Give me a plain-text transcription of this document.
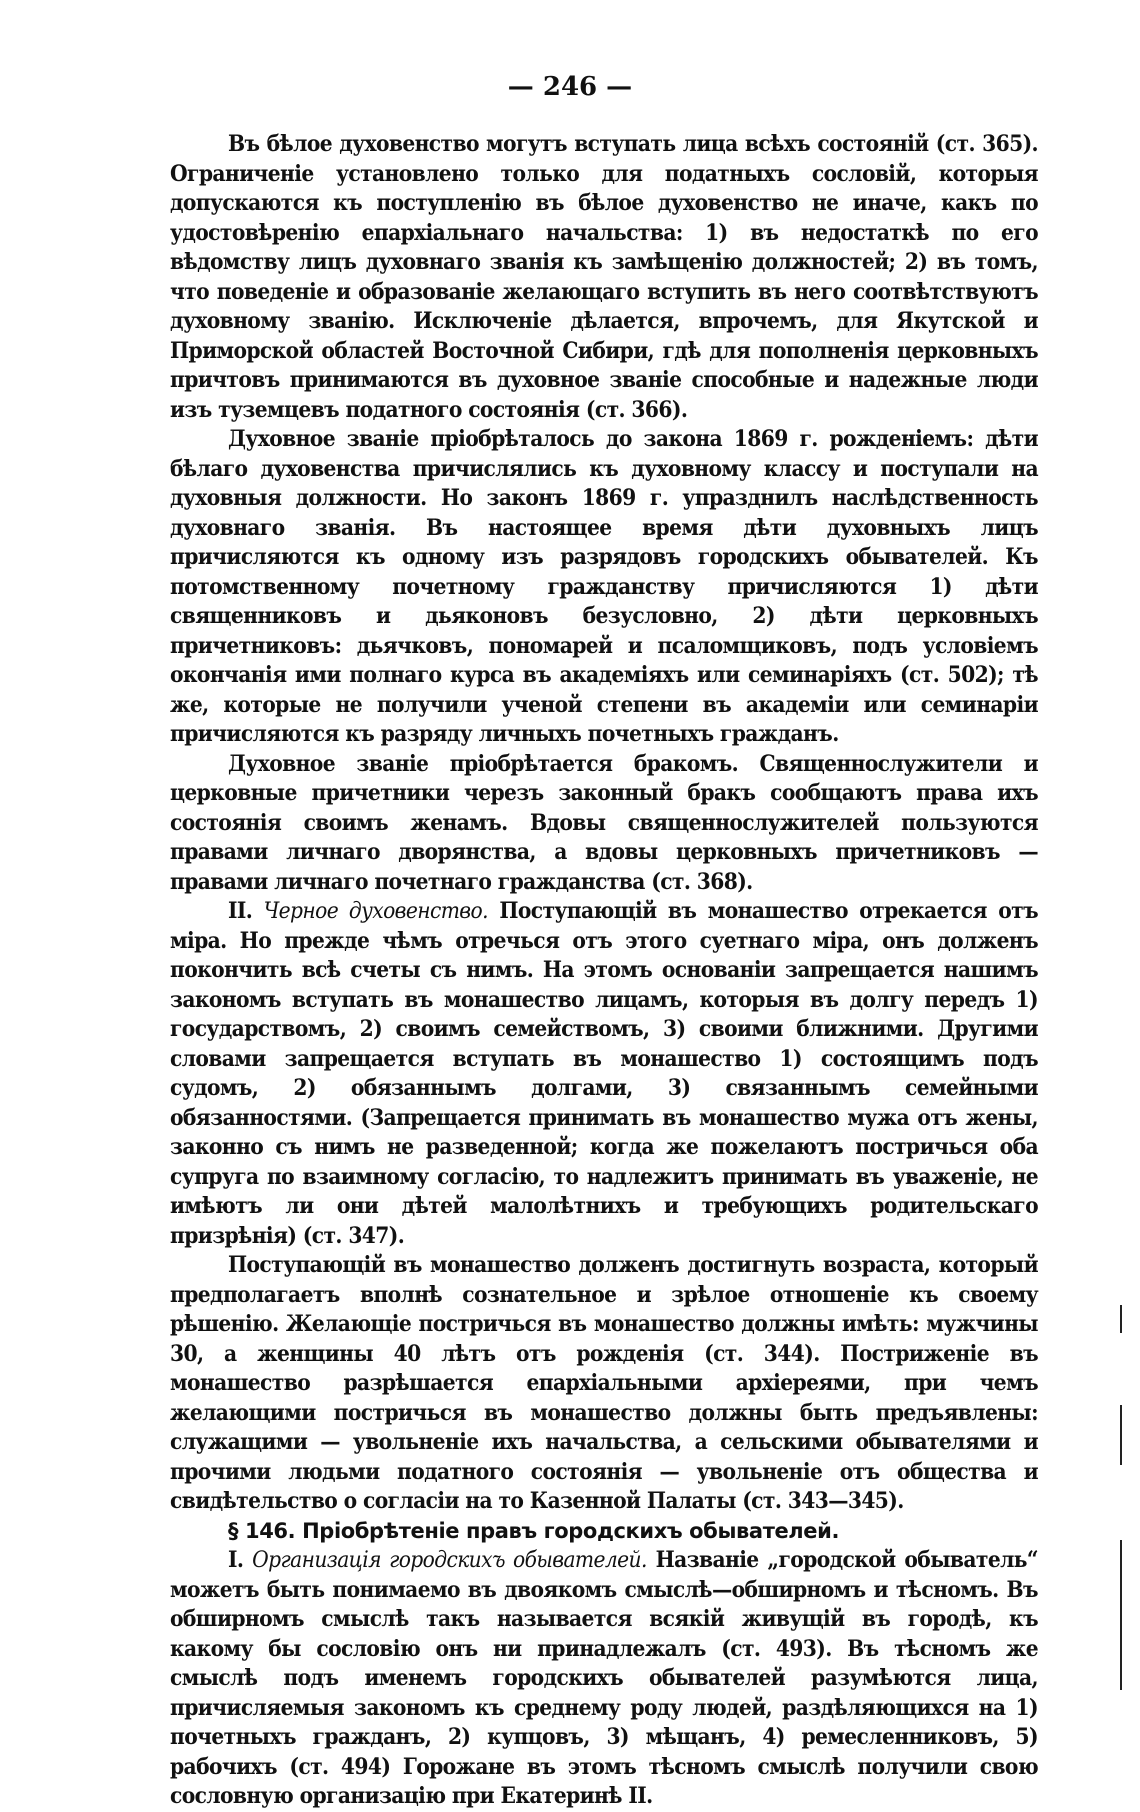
— 246 —

Въ бѣлое духовенство могутъ вступать лица всѣхъ состояній (ст. 365). Ограниченіе установлено только для податныхъ сословій, которыя допускаются къ поступленію въ бѣлое духовенство не иначе, какъ по удостовѣренію епархіальнаго начальства: 1) въ недостаткѣ по его вѣдомству лицъ духовнаго званія къ замѣщенію должностей; 2) въ томъ, что поведеніе и образованіе желающаго вступить въ него соотвѣтствуютъ духовному званію. Исключеніе дѣлается, впрочемъ, для Якутской и Приморской областей Восточной Сибири, гдѣ для пополненія церковныхъ причтовъ принимаются въ духовное званіе способные и надежные люди изъ туземцевъ податного состоянія (ст. 366).

Духовное званіе пріобрѣталось до закона 1869 г. рожденіемъ: дѣти бѣлаго духовенства причислялись къ духовному классу и поступали на духовныя должности. Но законъ 1869 г. упразднилъ наслѣдственность духовнаго званія. Въ настоящее время дѣти духовныхъ лицъ причисляются къ одному изъ разрядовъ городскихъ обывателей. Къ потомственному почетному гражданству причисляются 1) дѣти священниковъ и дьяконовъ безусловно, 2) дѣти церковныхъ причетниковъ: дьячковъ, пономарей и псаломщиковъ, подъ условіемъ окончанія ими полнаго курса въ академіяхъ или семинаріяхъ (ст. 502); тѣ же, которые не получили ученой степени въ академіи или семинаріи причисляются къ разряду личныхъ почетныхъ гражданъ.

Духовное званіе пріобрѣтается бракомъ. Священнослужители и церковные причетники черезъ законный бракъ сообщаютъ права ихъ состоянія своимъ женамъ. Вдовы священнослужителей пользуются правами личнаго дворянства, а вдовы церковныхъ причетниковъ — правами личнаго почетнаго гражданства (ст. 368).

II. Черное духовенство. Поступающій въ монашество отрекается отъ міра. Но прежде чѣмъ отречься отъ этого суетнаго міра, онъ долженъ покончить всѣ счеты съ нимъ. На этомъ основаніи запрещается нашимъ закономъ вступать въ монашество лицамъ, которыя въ долгу передъ 1) государствомъ, 2) своимъ семействомъ, 3) своими ближними. Другими словами запрещается вступать въ монашество 1) состоящимъ подъ судомъ, 2) обязаннымъ долгами, 3) связаннымъ семейными обязанностями. (Запрещается принимать въ монашество мужа отъ жены, законно съ нимъ не разведенной; когда же пожелаютъ постричься оба супруга по взаимному согласію, то надлежитъ принимать въ уваженіе, не имѣютъ ли они дѣтей малолѣтнихъ и требующихъ родительскаго призрѣнія) (ст. 347).

Поступающій въ монашество долженъ достигнуть возраста, который предполагаетъ вполнѣ сознательное и зрѣлое отношеніе къ своему рѣшенію. Желающіе постричься въ монашество должны имѣть: мужчины 30, а женщины 40 лѣтъ отъ рожденія (ст. 344). Постриженіе въ монашество разрѣшается епархіальными архіереями, при чемъ желающими постричься въ монашество должны быть предъявлены: служащими — увольненіе ихъ начальства, а сельскими обывателями и прочими людьми податного состоянія — увольненіе отъ общества и свидѣтельство о согласіи на то Казенной Палаты (ст. 343—345).

§ 146. Пріобрѣтеніе правъ городскихъ обывателей.

I. Организація городскихъ обывателей. Названіе „городской обыватель“ можетъ быть понимаемо въ двоякомъ смыслѣ—обширномъ и тѣсномъ. Въ обширномъ смыслѣ такъ называется всякій живущій въ городѣ, къ какому бы сословію онъ ни принадлежалъ (ст. 493). Въ тѣсномъ же смыслѣ подъ именемъ городскихъ обывателей разумѣются лица, причисляемыя закономъ къ среднему роду людей, раздѣляющихся на 1) почетныхъ гражданъ, 2) купцовъ, 3) мѣщанъ, 4) ремесленниковъ, 5) рабочихъ (ст. 494) Горожане въ этомъ тѣсномъ смыслѣ получили свою сословную организацію при Екатеринѣ II.
